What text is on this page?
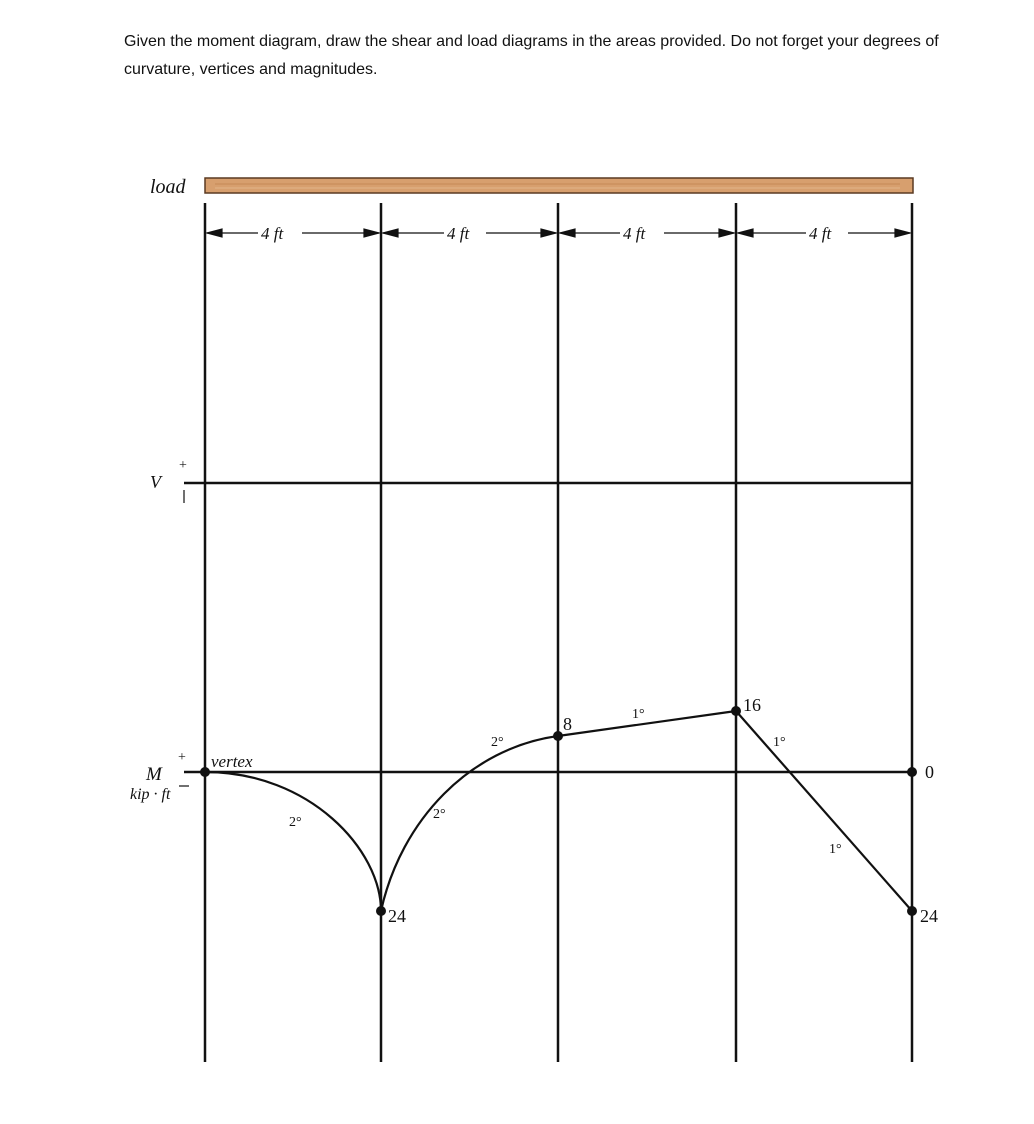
Given the moment diagram, draw the shear and load diagrams in the areas provided. Do not forget your degrees of curvature, vertices and magnitudes.
load
+
V
+
M
kip · ft
4 ft	4 ft	4 ft	4 ft
24
8
16
0
24
vertex
2°
2°
2°
1°
1°
1°
